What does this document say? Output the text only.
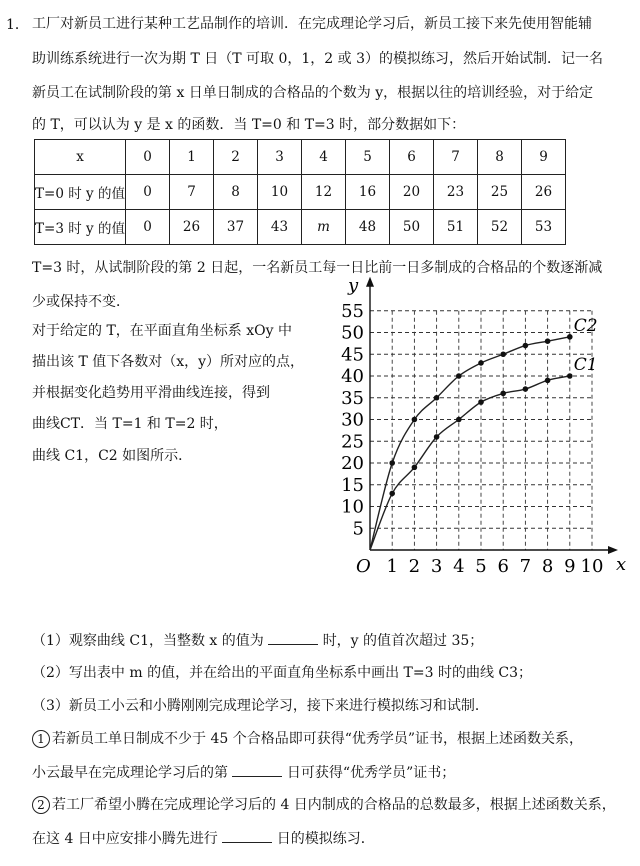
1． 工厂对新员工进行某种工艺品制作的培训．在完成理论学习后，新员工接下来先使用智能辅
助训练系统进行一次为期 T 日（T 可取 0，1，2 或 3）的模拟练习，然后开始试制．记一名
新员工在试制阶段的第 x 日单日制成的合格品的个数为 y，根据以往的培训经验，对于给定
的 T，可以认为 y 是 x 的函数．当 T=0 和 T=3 时，部分数据如下：
x	0	1	2	3	4	5	6	7	8	9
T=0 时 y 的值	0	7	8	10	12	16	20	23	25	26
T=3 时 y 的值	0	26	37	43	m	48	50	51	52	53
T=3 时，从试制阶段的第 2 日起，一名新员工每一日比前一日多制成的合格品的个数逐渐减
少或保持不变．
对于给定的 T，在平面直角坐标系 xOy 中
描出该 T 值下各数对（x，y）所对应的点，
并根据变化趋势用平滑曲线连接，得到
曲线CT．当 T=1 和 T=2 时，
曲线 C1，C2 如图所示．
x
y
O 1 2 3 4 5 6 7 8 9 10
5
10
15
20
25
30
35
40
45
50
55
C2
C1
（1）观察曲线 C1，当整数 x 的值为	时，y 的值首次超过 35；
（2）写出表中 m 的值，并在给出的平面直角坐标系中画出 T=3 时的曲线 C3；
（3）新员工小云和小腾刚刚完成理论学习，接下来进行模拟练习和试制．
1 若新员工单日制成不少于 45 个合格品即可获得“优秀学员”证书，根据上述函数关系，
小云最早在完成理论学习后的第	日可获得“优秀学员”证书；
2 若工厂希望小腾在完成理论学习后的 4 日内制成的合格品的总数最多，根据上述函数关系，
在这 4 日中应安排小腾先进行	日的模拟练习．
